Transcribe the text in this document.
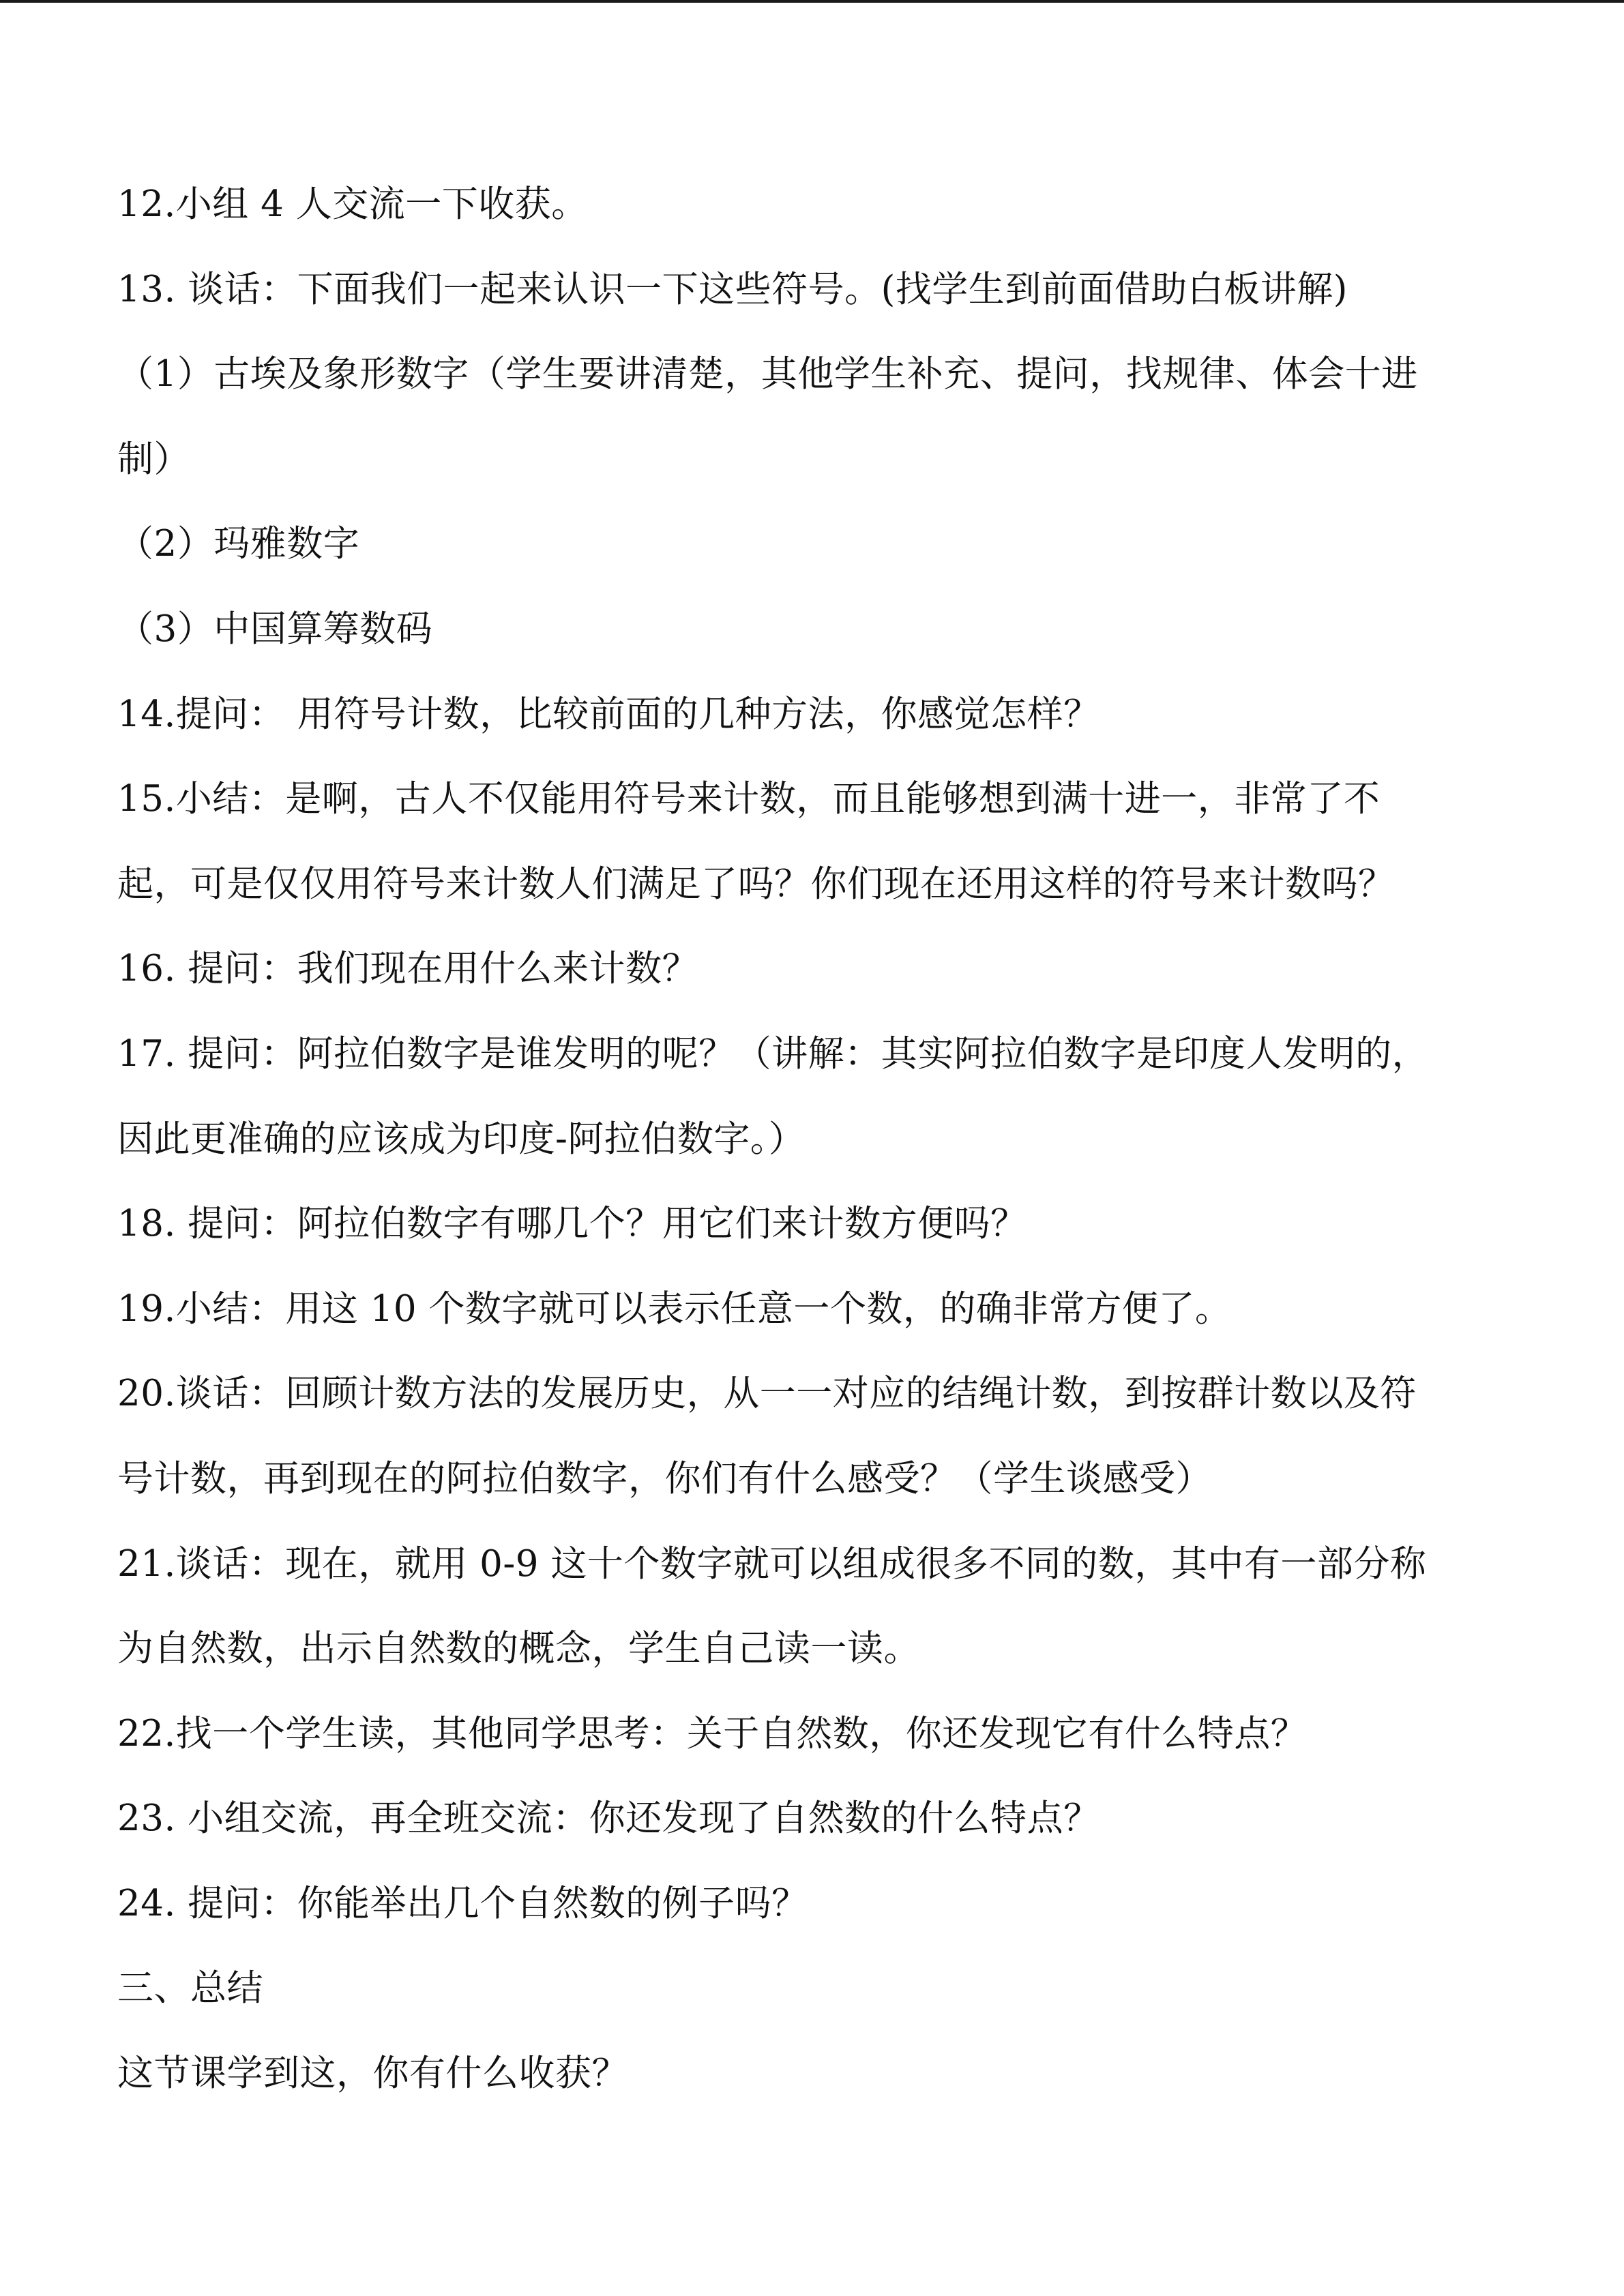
12.小组 4 人交流一下收获。
13. 谈话：下面我们一起来认识一下这些符号。(找学生到前面借助白板讲解)
（1）古埃及象形数字（学生要讲清楚，其他学生补充、提问，找规律、体会十进
制）
（2）玛雅数字
（3）中国算筹数码
14.提问： 用符号计数，比较前面的几种方法，你感觉怎样？
15.小结：是啊，古人不仅能用符号来计数，而且能够想到满十进一，非常了不
起，可是仅仅用符号来计数人们满足了吗？你们现在还用这样的符号来计数吗？
16. 提问：我们现在用什么来计数？
17. 提问：阿拉伯数字是谁发明的呢？（讲解：其实阿拉伯数字是印度人发明的，
因此更准确的应该成为印度-阿拉伯数字。）
18. 提问：阿拉伯数字有哪几个？用它们来计数方便吗？
19.小结：用这 10 个数字就可以表示任意一个数，的确非常方便了。
20.谈话：回顾计数方法的发展历史，从一一对应的结绳计数，到按群计数以及符
号计数，再到现在的阿拉伯数字，你们有什么感受？（学生谈感受）
21.谈话：现在，就用 0-9 这十个数字就可以组成很多不同的数，其中有一部分称
为自然数，出示自然数的概念，学生自己读一读。
22.找一个学生读，其他同学思考：关于自然数，你还发现它有什么特点？
23. 小组交流，再全班交流：你还发现了自然数的什么特点？
24. 提问：你能举出几个自然数的例子吗？
三、总结
这节课学到这，你有什么收获？
